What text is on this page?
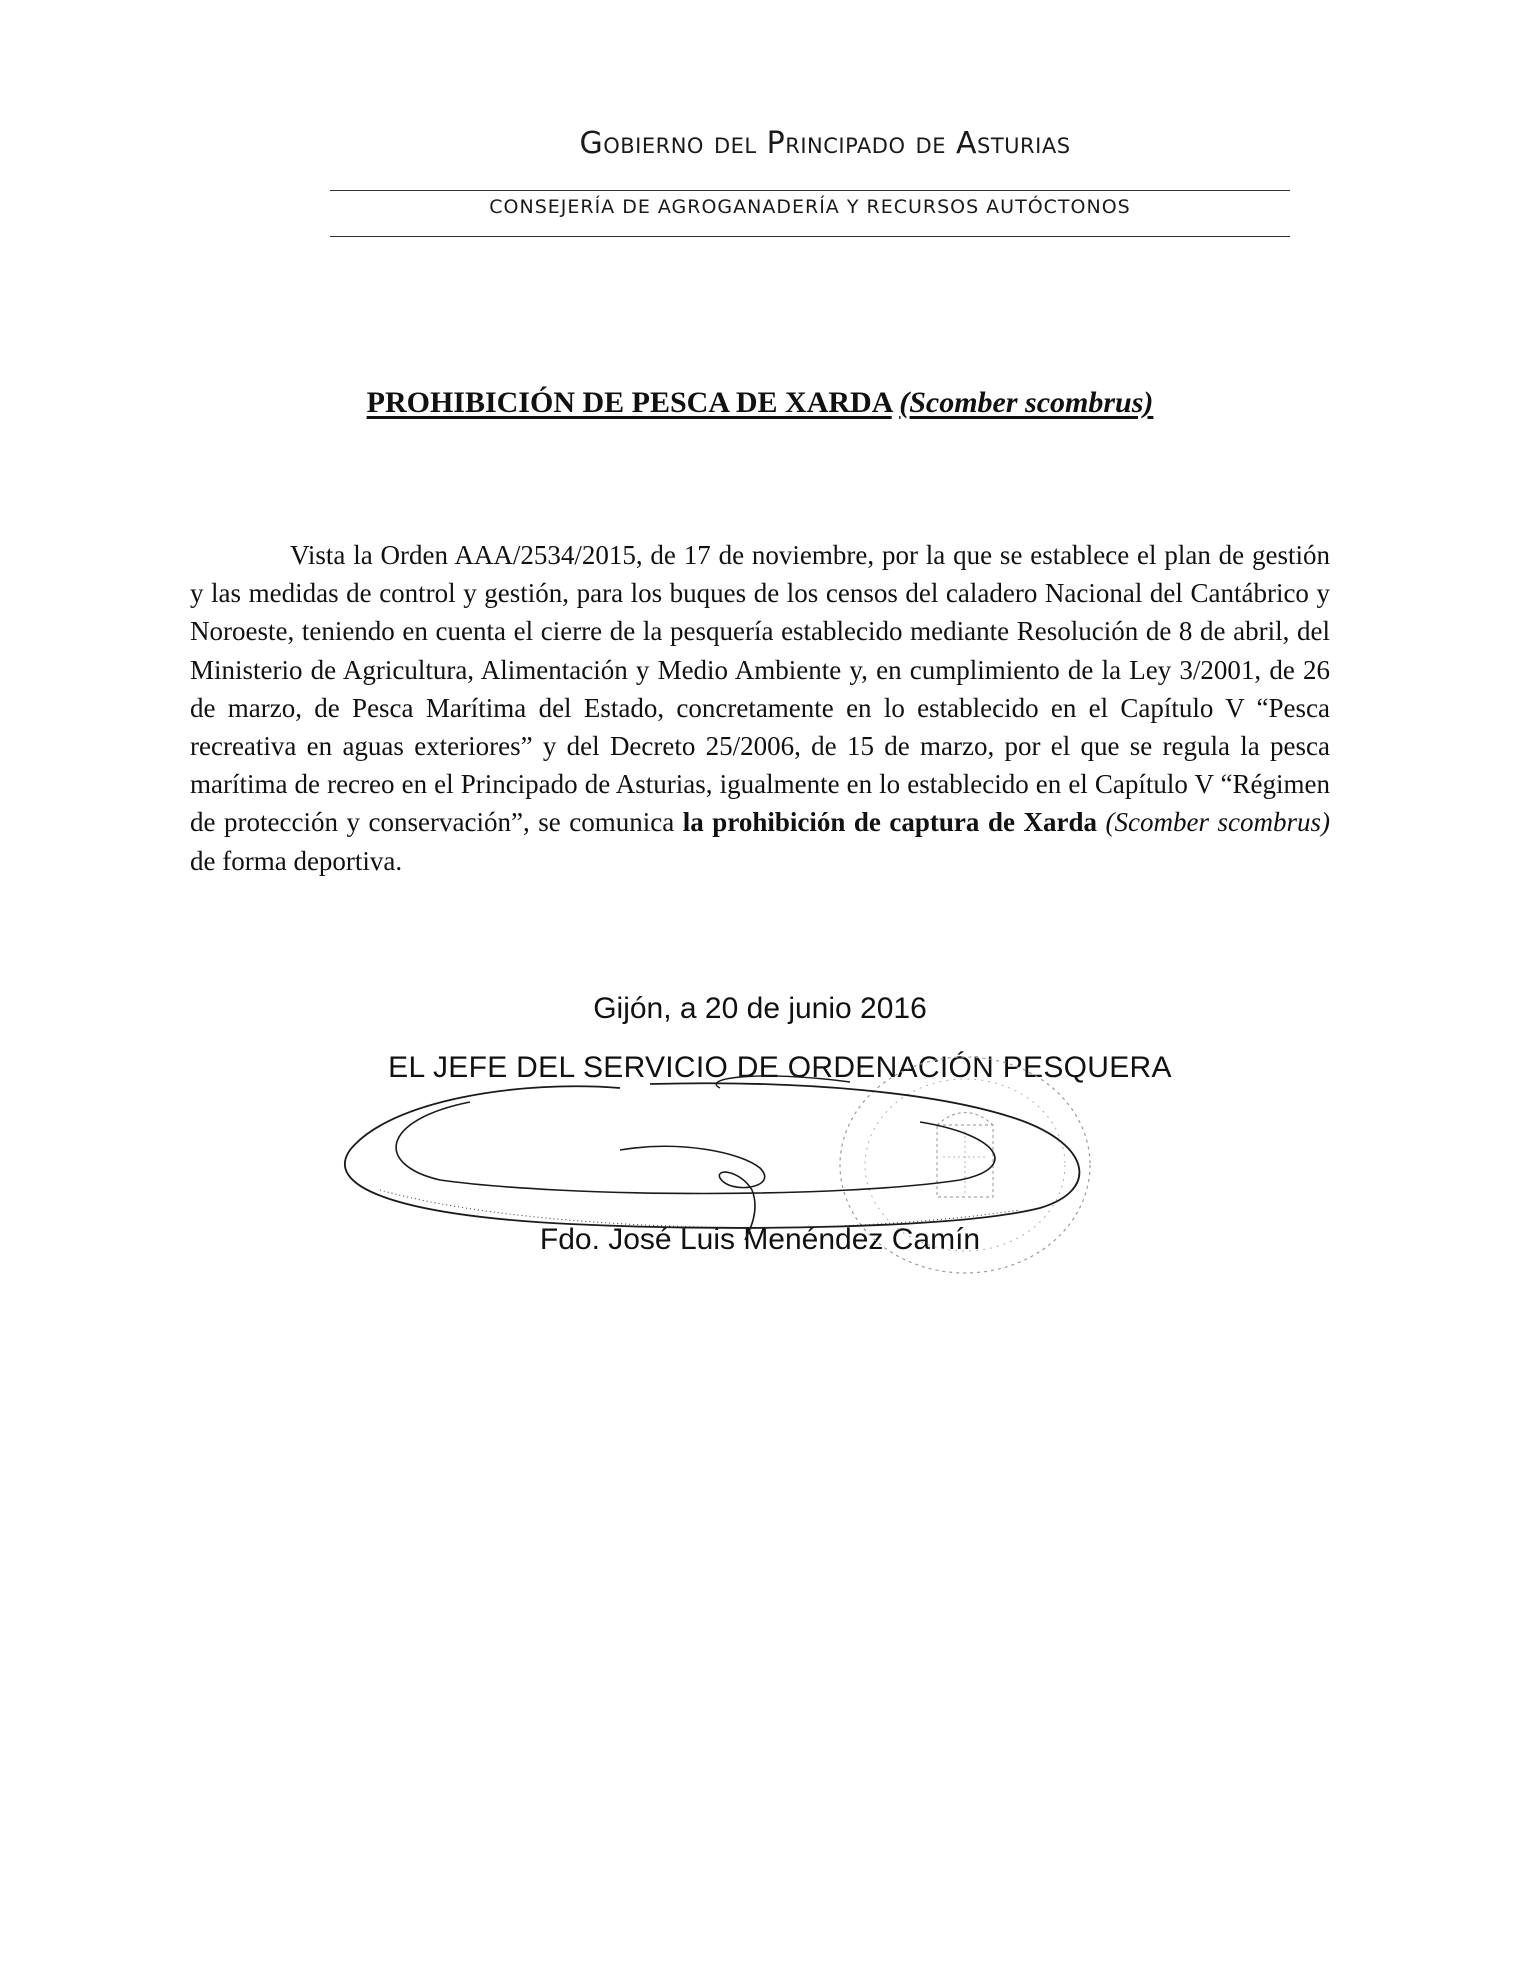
Gobierno del Principado de Asturias
CONSEJERÍA DE AGROGANADERÍA Y RECURSOS AUTÓCTONOS
PROHIBICIÓN DE PESCA DE XARDA (Scomber scombrus)
Vista la Orden AAA/2534/2015, de 17 de noviembre, por la que se establece el plan de gestión y las medidas de control y gestión, para los buques de los censos del caladero Nacional del Cantábrico y Noroeste, teniendo en cuenta el cierre de la pesquería establecido mediante Resolución de 8 de abril, del Ministerio de Agricultura, Alimentación y Medio Ambiente y, en cumplimiento de la Ley 3/2001, de 26 de marzo, de Pesca Marítima del Estado, concretamente en lo establecido en el Capítulo V “Pesca recreativa en aguas exteriores” y del Decreto 25/2006, de 15 de marzo, por el que se regula la pesca marítima de recreo en el Principado de Asturias, igualmente en lo establecido en el Capítulo V “Régimen de protección y conservación”, se comunica la prohibición de captura de Xarda (Scomber scombrus) de forma deportiva.
Gijón, a 20 de junio 2016
EL JEFE DEL SERVICIO DE ORDENACIÓN PESQUERA
Fdo. José Luis Menéndez Camín
